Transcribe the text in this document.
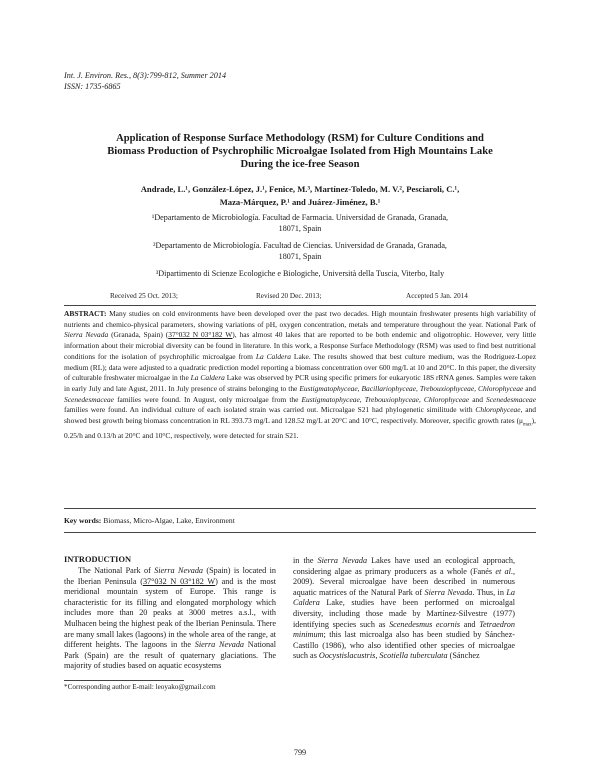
Int. J. Environ. Res., 8(3):799-812, Summer 2014
ISSN: 1735-6865
Application of Response Surface Methodology (RSM) for Culture Conditions and Biomass Production of Psychrophilic Microalgae Isolated from High Mountains Lake During the ice-free Season
Andrade, L.¹, González-López, J.¹, Fenice, M.³, Martínez-Toledo, M. V.², Pesciaroli, C.¹,
Maza-Márquez, P.¹ and Juárez-Jiménez, B.¹
¹Departamento de Microbiología. Facultad de Farmacia. Universidad de Granada, Granada,
18071, Spain
²Departamento de Microbiología. Facultad de Ciencias. Universidad de Granada, Granada,
18071, Spain
³Dipartimento di Scienze Ecologiche e Biologiche, Università della Tuscia, Viterbo, Italy
Received 25 Oct. 2013;	Revised 20 Dec. 2013;	Accepted 5 Jan. 2014
ABSTRACT: Many studies on cold environments have been developed over the past two decades. High mountain freshwater presents high variability of nutrients and chemico-physical parameters, showing variations of pH, oxygen concentration, metals and temperature throughout the year. National Park of Sierra Nevada (Granada, Spain) (37°032 N 03°182 W), has almost 40 lakes that are reported to be both endemic and oligotrophic. However, very little information about their microbial diversity can be found in literature. In this work, a Response Surface Methodology (RSM) was used to find best nutritional conditions for the isolation of psychrophilic microalgae from La Caldera Lake. The results showed that best culture medium, was the Rodriguez-Lopez medium (RL); data were adjusted to a quadratic prediction model reporting a biomass concentration over 600 mg/L at 10 and 20°C. In this paper, the diversity of culturable freshwater microalgae in the La Caldera Lake was observed by PCR using specific primers for eukaryotic 18S rRNA genes. Samples were taken in early July and late Agust, 2011. In July presence of strains belonging to the Eustigmatophyceae, Bacillariophyceae, Trebouxiophyceae, Chlorophyceae and Scenedesmaceae families were found. In August, only microalgae from the Eustigmatophyceae, Trebouxiophyceae, Chlorophyceae and Scenedesmaceae families were found. An individual culture of each isolated strain was carried out. Microalgae S21 had phylogenetic similitude with Chlorophyceae, and showed best growth being biomass concentration in RL 393.73 mg/L and 128.52 mg/L at 20°C and 10°C, respectively. Moreover, specific growth rates $(\mu_{max})$, 0.25/h and 0.13/h at 20°C and 10°C, respectively, were detected for strain S21.
Key words: Biomass, Micro-Algae, Lake, Environment
INTRODUCTION

The National Park of Sierra Nevada (Spain) is located in the Iberian Peninsula (37°032 N 03°182 W) and is the most meridional mountain system of Europe. This range is characteristic for its filling and elongated morphology which includes more than 20 peaks at 3000 metres a.s.l., with Mulhacen being the highest peak of the Iberian Peninsula. There are many small lakes (lagoons) in the whole area of the range, at different heights. The lagoons in the Sierra Nevada National Park (Spain) are the result of quaternary glaciations. The majority of studies based on aquatic ecosystems

in the Sierra Nevada Lakes have used an ecological approach, considering algae as primary producers as a whole (Fanés et al., 2009). Several microalgae have been described in numerous aquatic matrices of the Natural Park of Sierra Nevada. Thus, in La Caldera Lake, studies have been performed on microalgal diversity, including those made by Martínez-Silvestre (1977) identifying species such as Scenedesmus ecornis and Tetraedron minimum; this last microalga also has been studied by Sánchez-Castillo (1986), who also identified other species of microalgae such as Oocystislacustris, Scotiella tuberculata (Sánchez

*Corresponding author E-mail: leoyako@gmail.com
799
